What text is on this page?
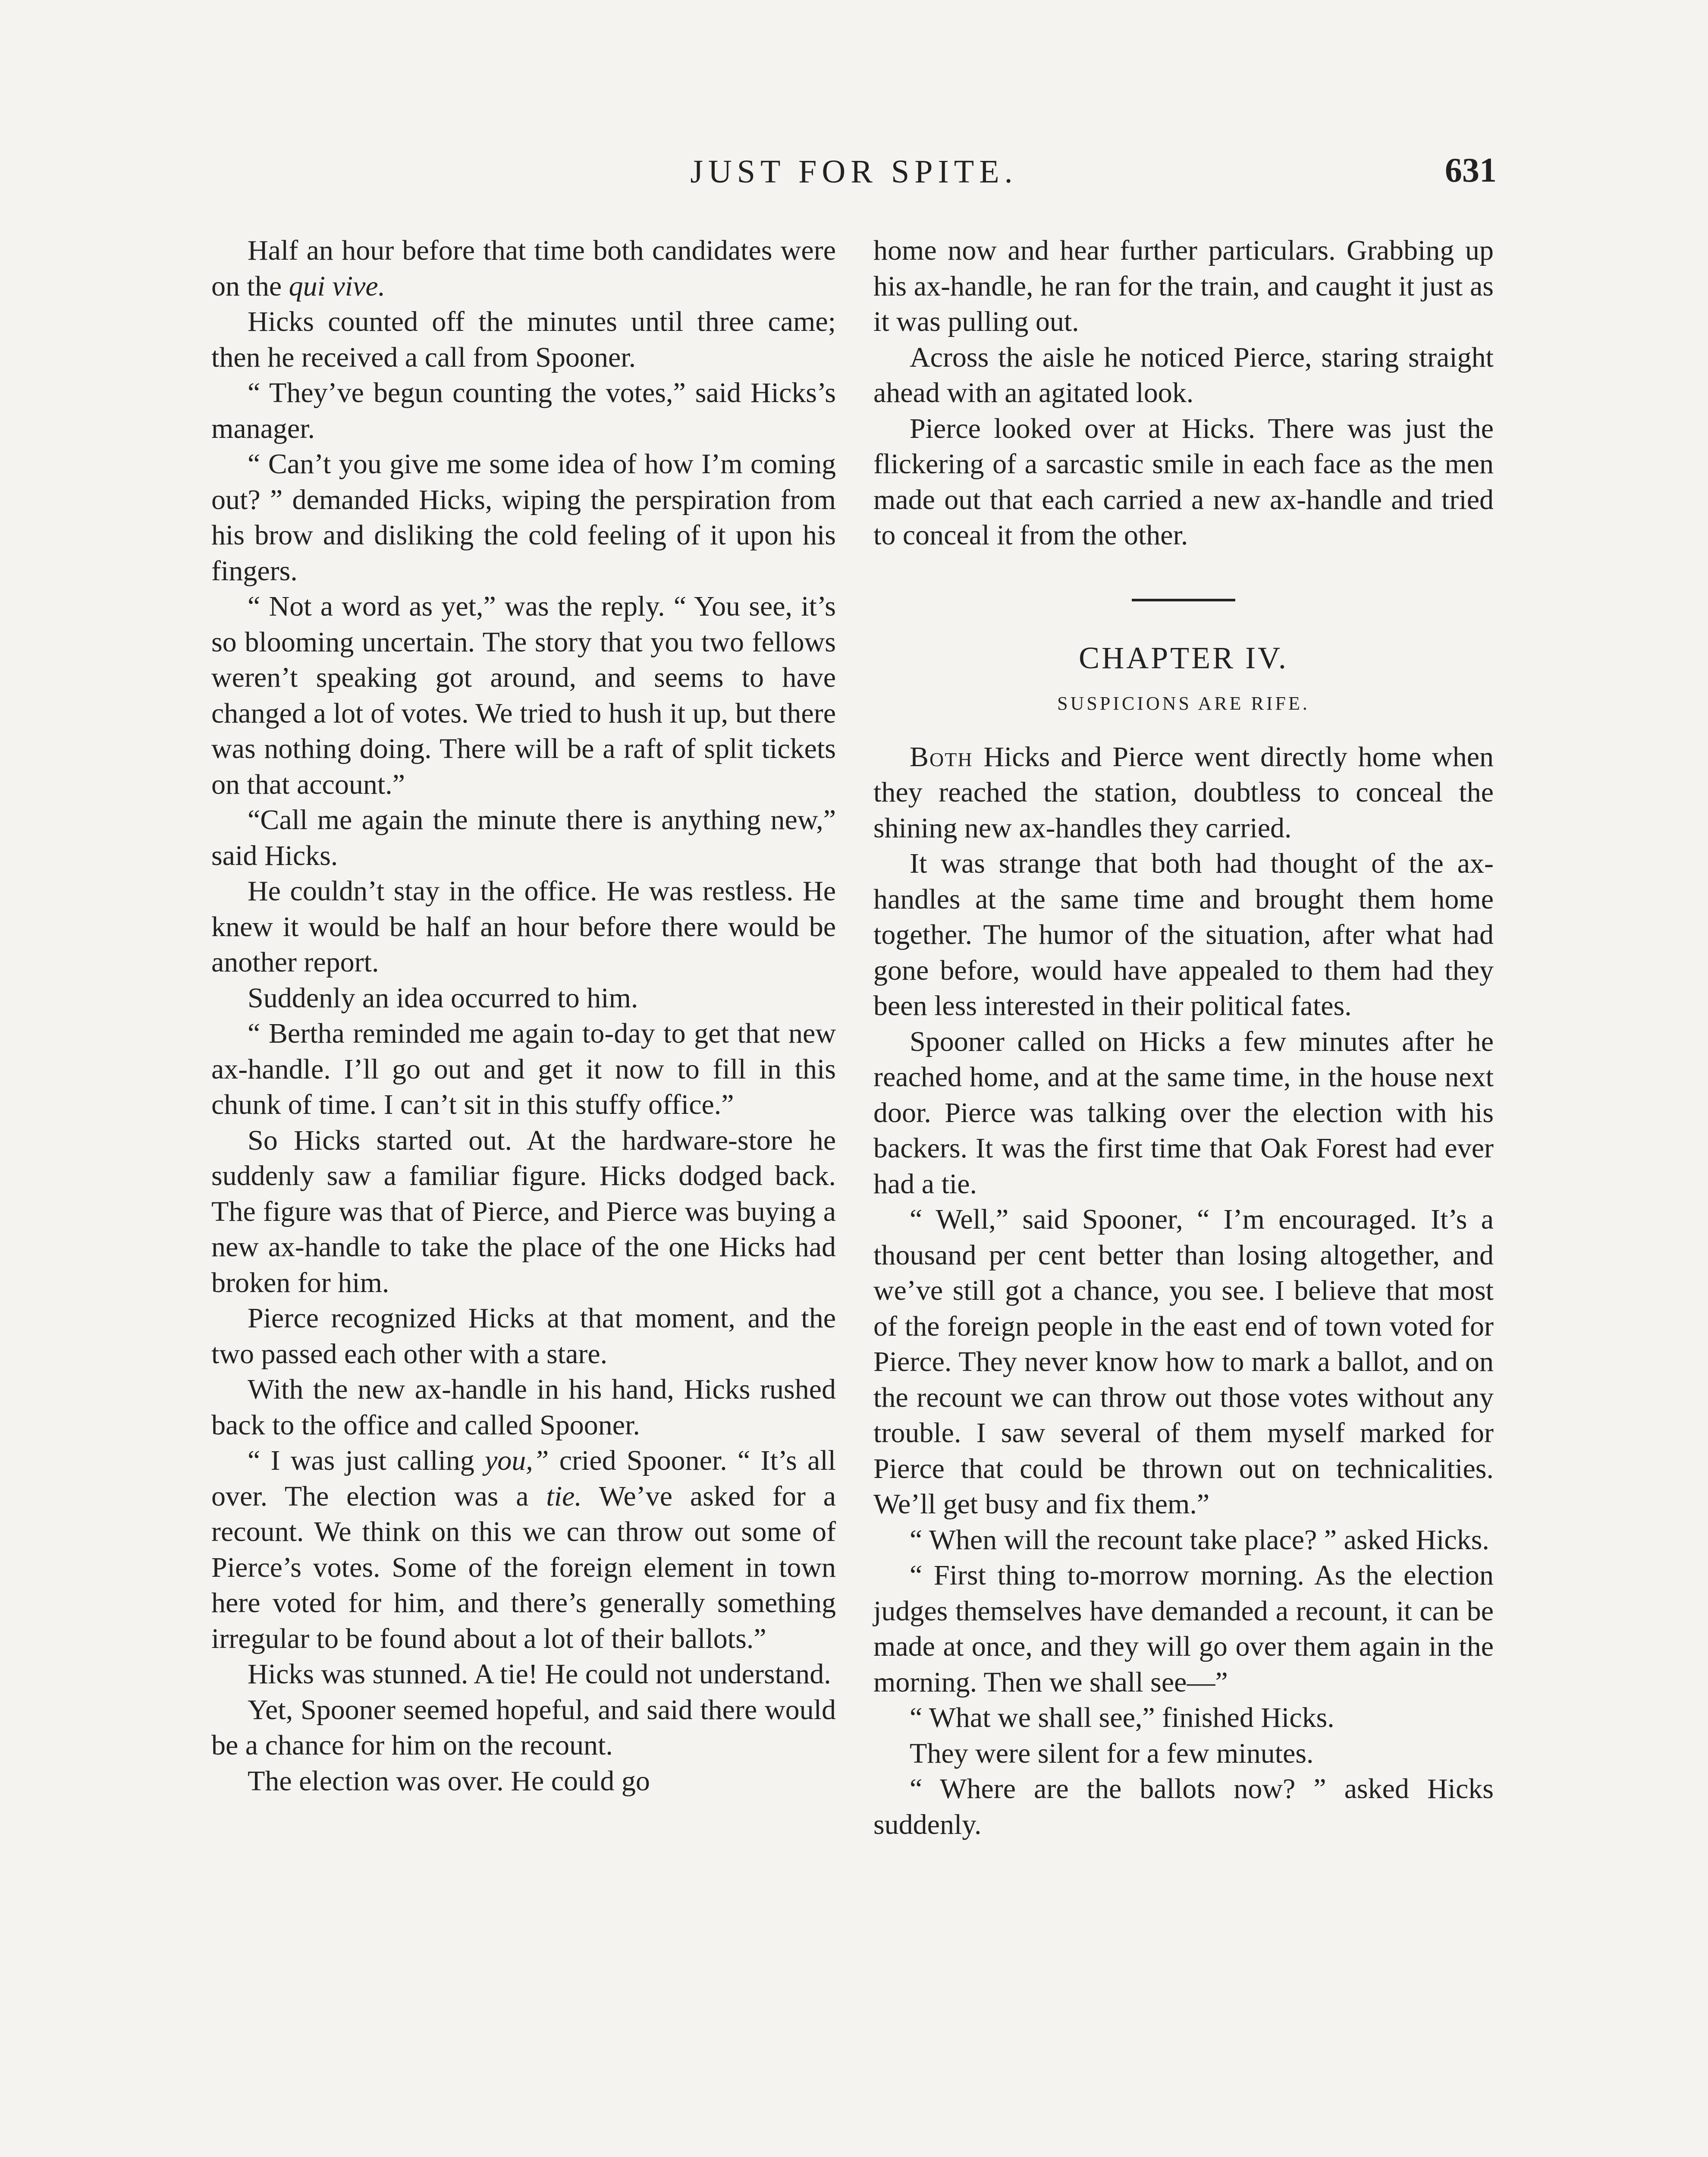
JUST FOR SPITE.	631

Half an hour before that time both candidates were on the qui vive.

Hicks counted off the minutes until three came; then he received a call from Spooner.

“ They’ve begun counting the votes,” said Hicks’s manager.

“ Can’t you give me some idea of how I’m coming out? ” demanded Hicks, wiping the perspiration from his brow and disliking the cold feeling of it upon his fingers.

“ Not a word as yet,” was the reply. “ You see, it’s so blooming uncertain. The story that you two fellows weren’t speaking got around, and seems to have changed a lot of votes. We tried to hush it up, but there was nothing doing. There will be a raft of split tickets on that account.”

“Call me again the minute there is anything new,” said Hicks.

He couldn’t stay in the office. He was restless. He knew it would be half an hour before there would be another report.

Suddenly an idea occurred to him.

“ Bertha reminded me again to-day to get that new ax-handle. I’ll go out and get it now to fill in this chunk of time. I can’t sit in this stuffy office.”

So Hicks started out. At the hardware-store he suddenly saw a familiar figure. Hicks dodged back. The figure was that of Pierce, and Pierce was buying a new ax-handle to take the place of the one Hicks had broken for him.

Pierce recognized Hicks at that moment, and the two passed each other with a stare.

With the new ax-handle in his hand, Hicks rushed back to the office and called Spooner.

“ I was just calling you,” cried Spooner. “ It’s all over. The election was a tie. We’ve asked for a recount. We think on this we can throw out some of Pierce’s votes. Some of the foreign element in town here voted for him, and there’s generally something irregular to be found about a lot of their ballots.”

Hicks was stunned. A tie! He could not understand.

Yet, Spooner seemed hopeful, and said there would be a chance for him on the recount.

The election was over. He could go

home now and hear further particulars. Grabbing up his ax-handle, he ran for the train, and caught it just as it was pulling out.

Across the aisle he noticed Pierce, staring straight ahead with an agitated look.

Pierce looked over at Hicks. There was just the flickering of a sarcastic smile in each face as the men made out that each carried a new ax-handle and tried to conceal it from the other.

CHAPTER IV.
SUSPICIONS ARE RIFE.

Both Hicks and Pierce went directly home when they reached the station, doubtless to conceal the shining new ax-handles they carried.

It was strange that both had thought of the ax-handles at the same time and brought them home together. The humor of the situation, after what had gone before, would have appealed to them had they been less interested in their political fates.

Spooner called on Hicks a few minutes after he reached home, and at the same time, in the house next door. Pierce was talking over the election with his backers. It was the first time that Oak Forest had ever had a tie.

“ Well,” said Spooner, “ I’m encouraged. It’s a thousand per cent better than losing altogether, and we’ve still got a chance, you see. I believe that most of the foreign people in the east end of town voted for Pierce. They never know how to mark a ballot, and on the recount we can throw out those votes without any trouble. I saw several of them myself marked for Pierce that could be thrown out on technicalities. We’ll get busy and fix them.”

“ When will the recount take place? ” asked Hicks.

“ First thing to-morrow morning. As the election judges themselves have demanded a recount, it can be made at once, and they will go over them again in the morning. Then we shall see—”

“ What we shall see,” finished Hicks.

They were silent for a few minutes.

“ Where are the ballots now? ” asked Hicks suddenly.
